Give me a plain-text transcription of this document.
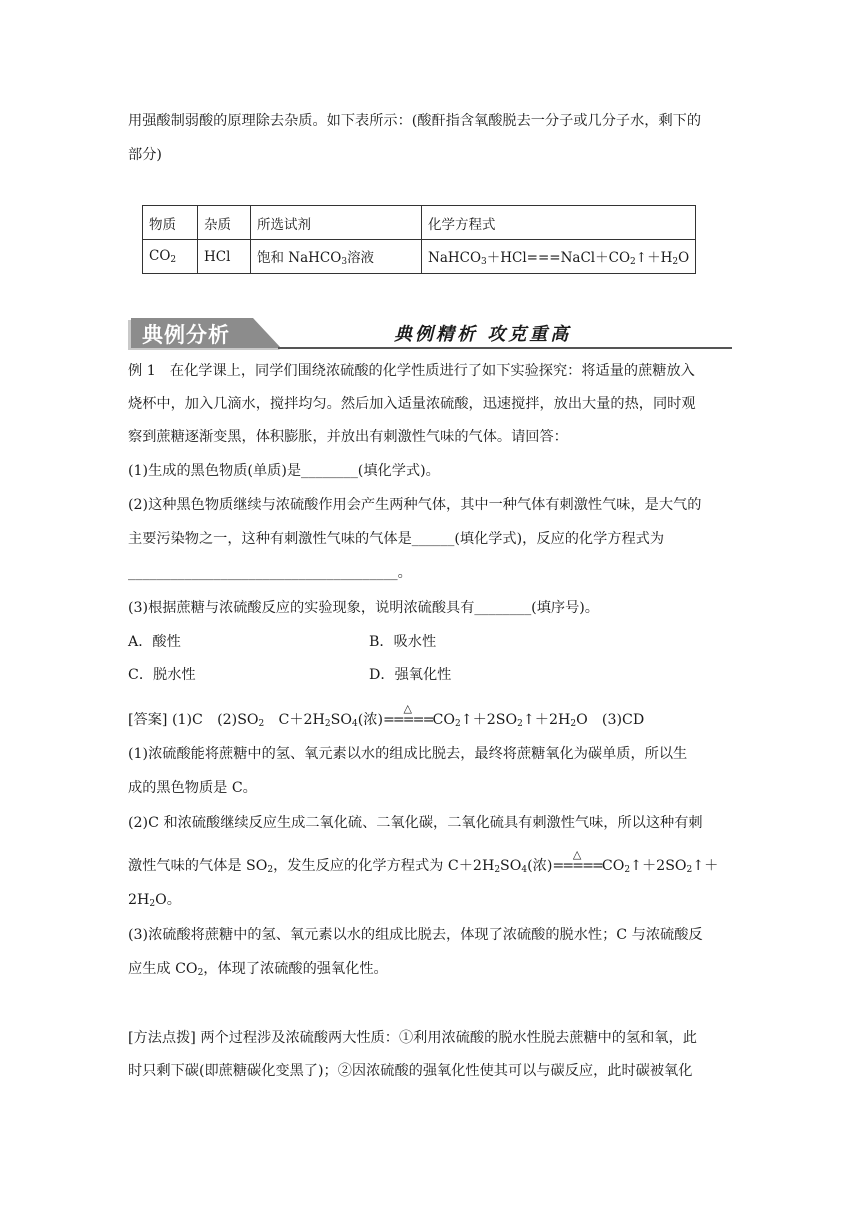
用强酸制弱酸的原理除去杂质。如下表所示：(酸酐指含氧酸脱去一分子或几分子水，剩下的
部分)
物质	杂质	所选试剂	化学方程式
$CO_2$	HCl	饱和 NaHCO$_3$溶液	$NaHCO_3+HCl===NaCl+CO_2↑+H_2O$
典例分析	典例精析 攻克重高
例 1　在化学课上，同学们围绕浓硫酸的化学性质进行了如下实验探究：将适量的蔗糖放入
烧杯中，加入几滴水，搅拌均匀。然后加入适量浓硫酸，迅速搅拌，放出大量的热，同时观
察到蔗糖逐渐变黑，体积膨胀，并放出有刺激性气味的气体。请回答：
(1)生成的黑色物质(单质)是________(填化学式)。
(2)这种黑色物质继续与浓硫酸作用会产生两种气体，其中一种气体有刺激性气味，是大气的
主要污染物之一，这种有刺激性气味的气体是______(填化学式)，反应的化学方程式为
______________________________________。
(3)根据蔗糖与浓硫酸反应的实验现象，说明浓硫酸具有________(填序号)。
A．酸性	B．吸水性
C．脱水性	D．强氧化性
[答案] (1)C　$(2)SO_2$　$C+2H_2SO_4$(浓)
△
$=====CO_2↑+2SO_2↑+2H_2O$　(3)CD
(1)浓硫酸能将蔗糖中的氢、氧元素以水的组成比脱去，最终将蔗糖氧化为碳单质，所以生
成的黑色物质是 C。
(2)C 和浓硫酸继续反应生成二氧化硫、二氧化碳，二氧化硫具有刺激性气味，所以这种有刺
激性气味的气体是 $SO_2$，发生反应的化学方程式为 $C+2H_2SO_4$(浓)
△
$=====CO_2↑+2SO_2↑+$
$2H_2O$。
(3)浓硫酸将蔗糖中的氢、氧元素以水的组成比脱去，体现了浓硫酸的脱水性；C 与浓硫酸反
应生成 $CO_2$，体现了浓硫酸的强氧化性。
[方法点拨] 两个过程涉及浓硫酸两大性质：①利用浓硫酸的脱水性脱去蔗糖中的氢和氧，此
时只剩下碳(即蔗糖碳化变黑了)；②因浓硫酸的强氧化性使其可以与碳反应，此时碳被氧化
